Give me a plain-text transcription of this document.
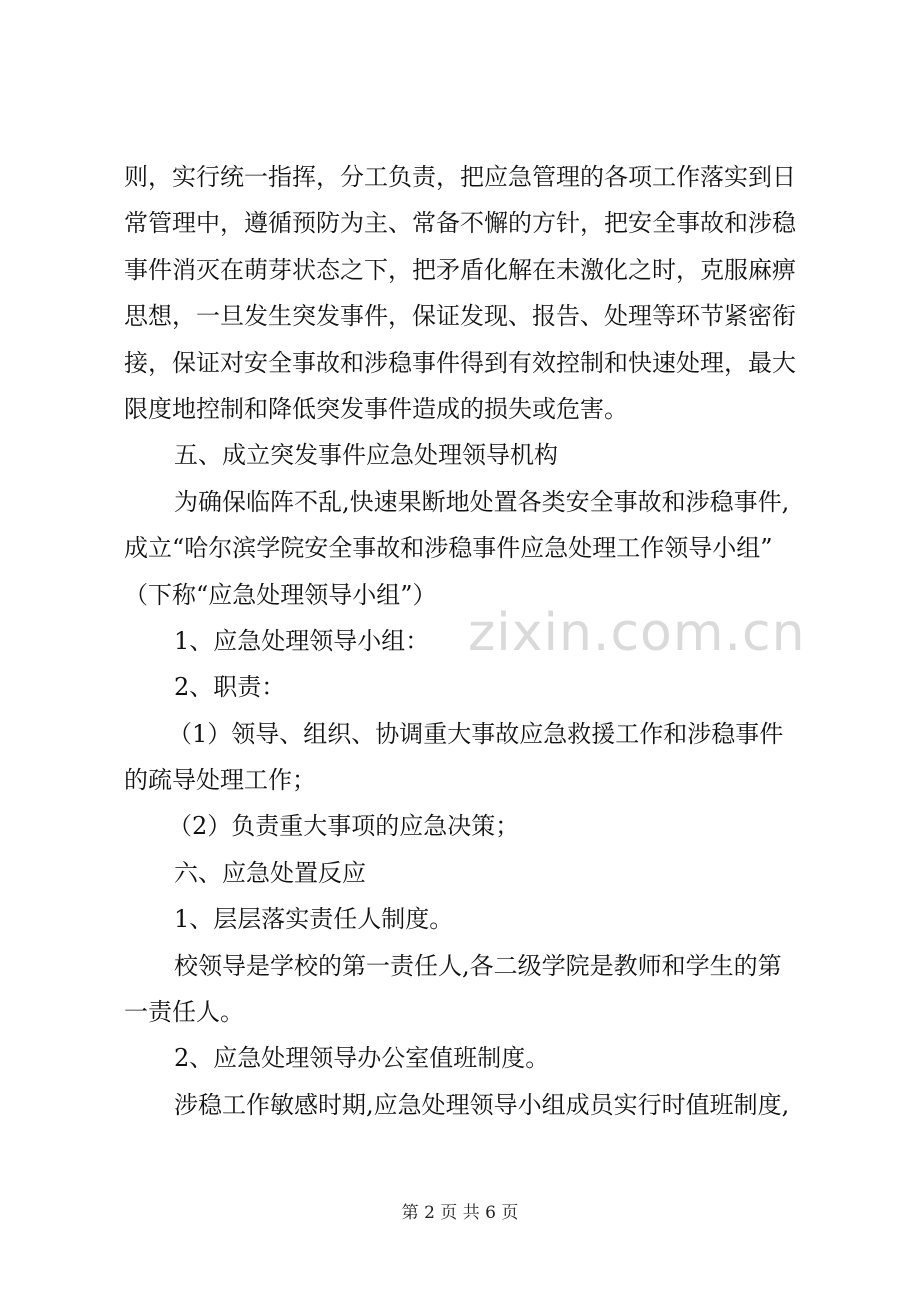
则，实行统一指挥，分工负责，把应急管理的各项工作落实到日
常管理中，遵循预防为主、常备不懈的方针，把安全事故和涉稳
事件消灭在萌芽状态之下，把矛盾化解在未激化之时，克服麻痹
思想，一旦发生突发事件，保证发现、报告、处理等环节紧密衔
接，保证对安全事故和涉稳事件得到有效控制和快速处理，最大
限度地控制和降低突发事件造成的损失或危害。
五、成立突发事件应急处理领导机构
为确保临阵不乱,快速果断地处置各类安全事故和涉稳事件,
成立“哈尔滨学院安全事故和涉稳事件应急处理工作领导小组”
（下称“应急处理领导小组”）
1、应急处理领导小组：
2、职责：
（1）领导、组织、协调重大事故应急救援工作和涉稳事件
的疏导处理工作；
（2）负责重大事项的应急决策；
六、应急处置反应
1、层层落实责任人制度。
校领导是学校的第一责任人,各二级学院是教师和学生的第
一责任人。
2、应急处理领导办公室值班制度。
涉稳工作敏感时期,应急处理领导小组成员实行时值班制度,
zixin.com.cn
第 2 页 共 6 页
